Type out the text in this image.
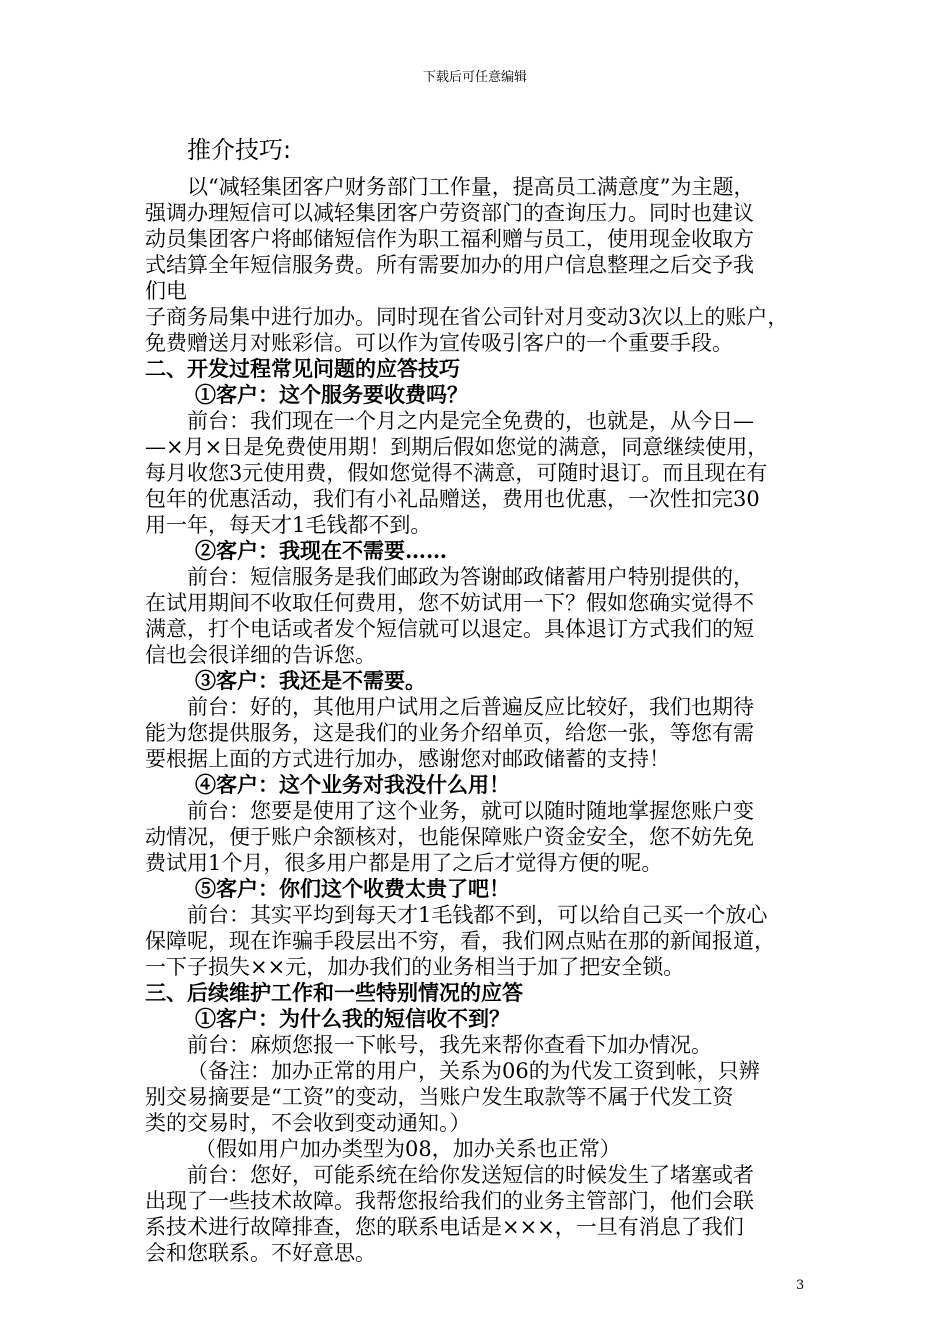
下载后可任意编辑
推介技巧:
以“减轻集团客户财务部门工作量，提高员工满意度”为主题，
强调办理短信可以减轻集团客户劳资部门的查询压力。同时也建议
动员集团客户将邮储短信作为职工福利赠与员工，使用现金收取方
式结算全年短信服务费。所有需要加办的用户信息整理之后交予我
们电
子商务局集中进行加办。同时现在省公司针对月变动3次以上的账户，
免费赠送月对账彩信。可以作为宣传吸引客户的一个重要手段。
二、开发过程常见问题的应答技巧
①客户：这个服务要收费吗？
前台：我们现在一个月之内是完全免费的，也就是，从今日—
—×月×日是免费使用期！到期后假如您觉的满意，同意继续使用，
每月收您3元使用费，假如您觉得不满意，可随时退订。而且现在有
包年的优惠活动，我们有小礼品赠送，费用也优惠，一次性扣完30
用一年，每天才1毛钱都不到。
②客户：我现在不需要……
前台：短信服务是我们邮政为答谢邮政储蓄用户特别提供的，
在试用期间不收取任何费用，您不妨试用一下？假如您确实觉得不
满意，打个电话或者发个短信就可以退定。具体退订方式我们的短
信也会很详细的告诉您。
③客户：我还是不需要。
前台：好的，其他用户试用之后普遍反应比较好，我们也期待
能为您提供服务，这是我们的业务介绍单页，给您一张，等您有需
要根据上面的方式进行加办，感谢您对邮政储蓄的支持！
④客户：这个业务对我没什么用！
前台：您要是使用了这个业务，就可以随时随地掌握您账户变
动情况，便于账户余额核对，也能保障账户资金安全，您不妨先免
费试用1个月，很多用户都是用了之后才觉得方便的呢。
⑤客户：你们这个收费太贵了吧！
前台：其实平均到每天才1毛钱都不到，可以给自己买一个放心
保障呢，现在诈骗手段层出不穷，看，我们网点贴在那的新闻报道，
一下子损失××元，加办我们的业务相当于加了把安全锁。
三、后续维护工作和一些特别情况的应答
①客户：为什么我的短信收不到？
前台：麻烦您报一下帐号，我先来帮你查看下加办情况。
（备注：加办正常的用户，关系为06的为代发工资到帐，只辨
别交易摘要是“工资”的变动，当账户发生取款等不属于代发工资
类的交易时，不会收到变动通知。）
（假如用户加办类型为08，加办关系也正常）
前台：您好，可能系统在给你发送短信的时候发生了堵塞或者
出现了一些技术故障。我帮您报给我们的业务主管部门，他们会联
系技术进行故障排查，您的联系电话是×××，一旦有消息了我们
会和您联系。不好意思。
3
